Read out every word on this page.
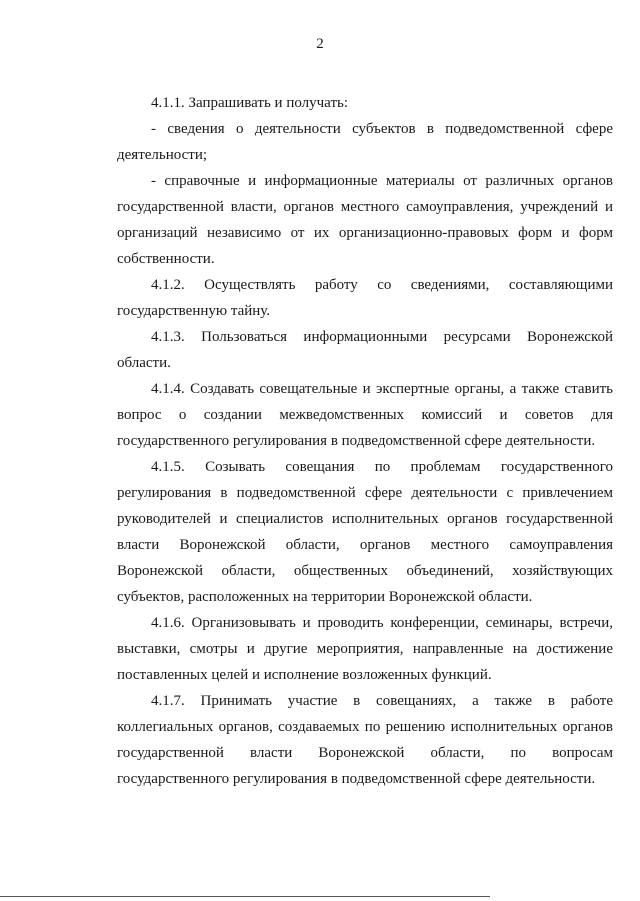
2

4.1.1. Запрашивать и получать:

- сведения о деятельности субъектов в подведомственной сфере деятельности;

- справочные и информационные материалы от различных органов государственной власти, органов местного самоуправления, учреждений и организаций независимо от их организационно-правовых форм и форм собственности.

4.1.2. Осуществлять работу со сведениями, составляющими государственную тайну.

4.1.3. Пользоваться информационными ресурсами Воронежской области.

4.1.4. Создавать совещательные и экспертные органы, а также ставить вопрос о создании межведомственных комиссий и советов для государственного регулирования в подведомственной сфере деятельности.

4.1.5. Созывать совещания по проблемам государственного регулирования в подведомственной сфере деятельности с привлечением руководителей и специалистов исполнительных органов государственной власти Воронежской области, органов местного самоуправления Воронежской области, общественных объединений, хозяйствующих субъектов, расположенных на территории Воронежской области.

4.1.6. Организовывать и проводить конференции, семинары, встречи, выставки, смотры и другие мероприятия, направленные на достижение поставленных целей и исполнение возложенных функций.

4.1.7. Принимать участие в совещаниях, а также в работе коллегиальных органов, создаваемых по решению исполнительных органов государственной власти Воронежской области, по вопросам государственного регулирования в подведомственной сфере деятельности.
